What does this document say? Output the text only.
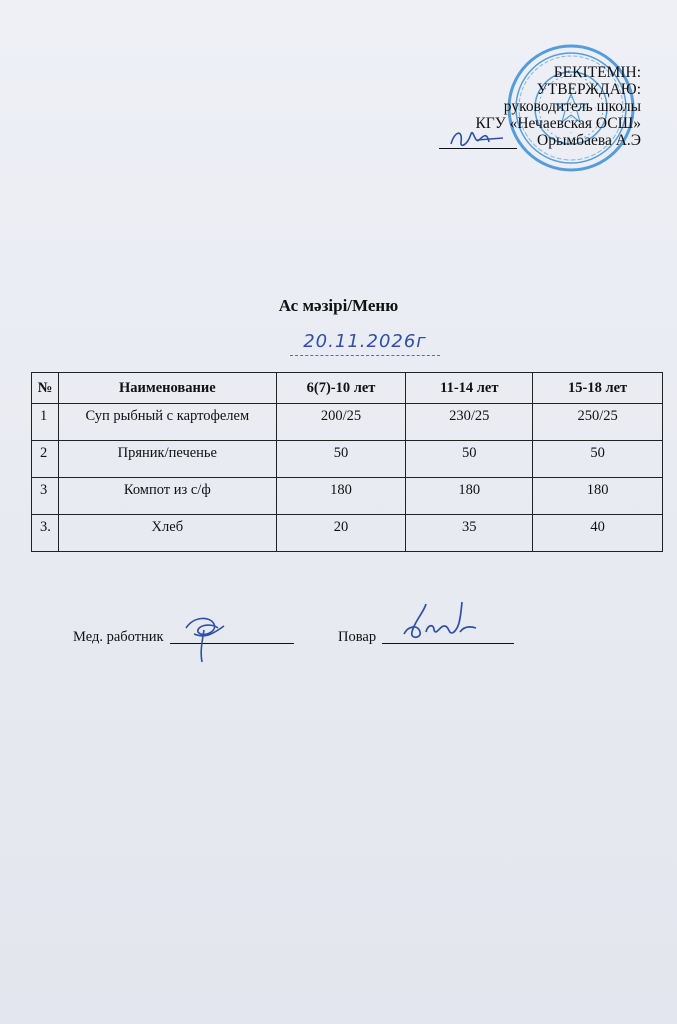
БЕКІТЕМІН:
УТВЕРЖДАЮ:
руководитель школы
КГУ «Нечаевская ОСШ»
Орымбаева А.Э
Ас мәзірі/Меню
20.11.2026г
№	Наименование	6(7)-10 лет	11-14 лет	15-18 лет
1	Суп рыбный с картофелем	200/25	230/25	250/25
2	Пряник/печенье	50	50	50
3	Компот из с/ф	180	180	180
3.	Хлеб	20	35	40
Мед. работник	Повар
